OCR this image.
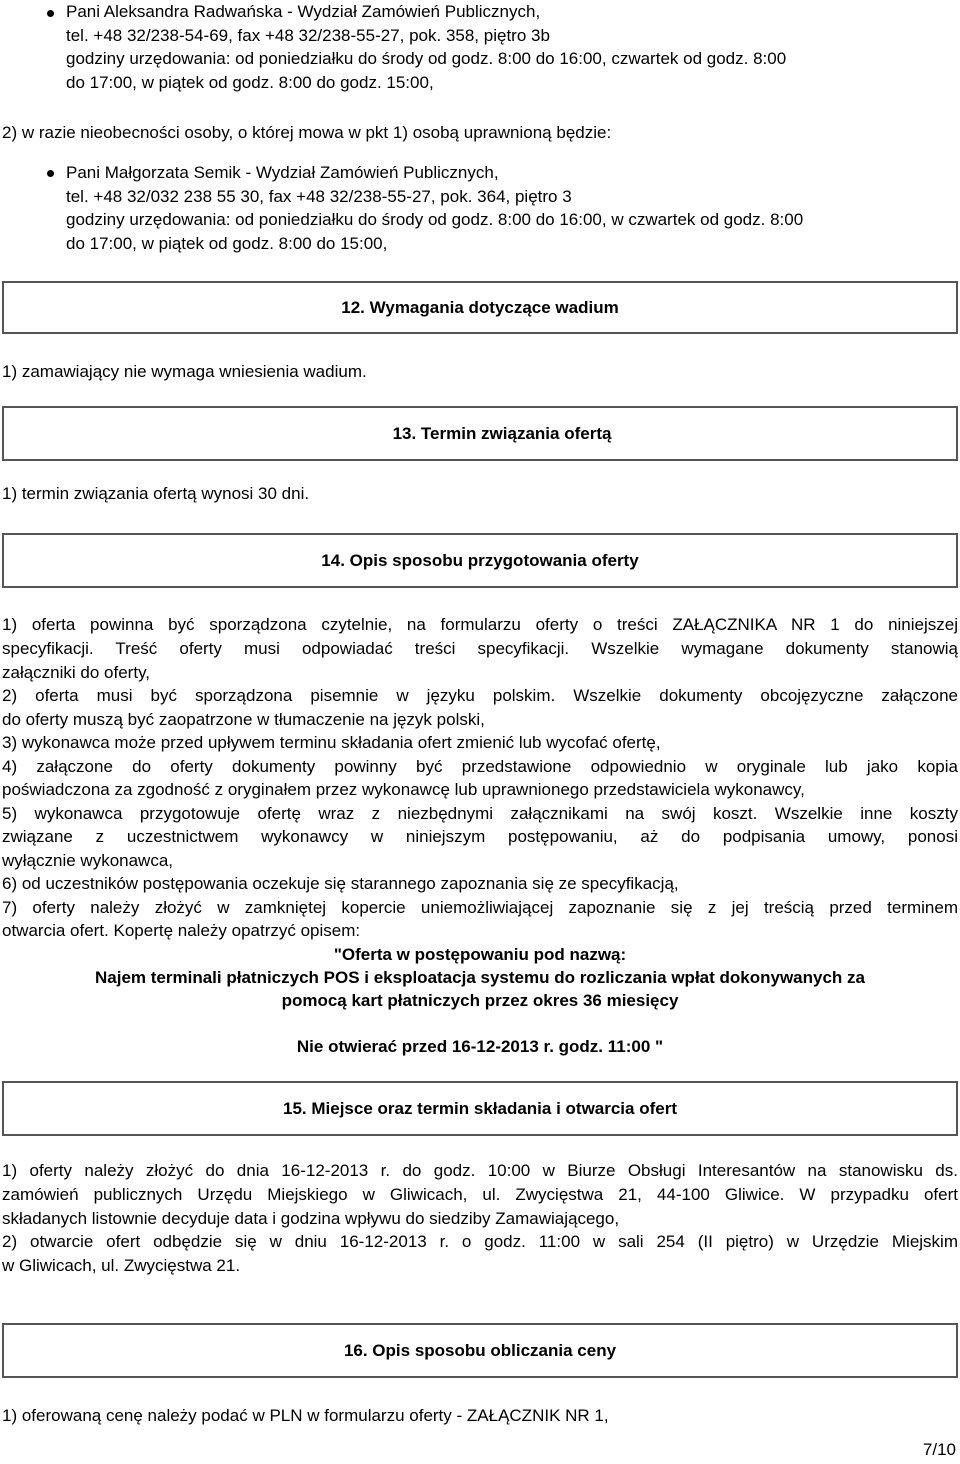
Pani Aleksandra Radwańska - Wydział Zamówień Publicznych,
tel. +48 32/238-54-69, fax +48 32/238-55-27, pok. 358, piętro 3b
godziny urzędowania: od poniedziałku do środy od godz. 8:00 do 16:00, czwartek od godz. 8:00
do 17:00, w piątek od godz. 8:00 do godz. 15:00,
2) w razie nieobecności osoby, o której mowa w pkt 1) osobą uprawnioną będzie:
Pani Małgorzata Semik - Wydział Zamówień Publicznych,
tel. +48 32/032 238 55 30, fax +48 32/238-55-27, pok. 364, piętro 3
godziny urzędowania: od poniedziałku do środy od godz. 8:00 do 16:00, w czwartek od godz. 8:00
do 17:00, w piątek od godz. 8:00 do 15:00,
12. Wymagania dotyczące wadium
1) zamawiający nie wymaga wniesienia wadium.
13. Termin związania ofertą
1) termin związania ofertą wynosi 30 dni.
14. Opis sposobu przygotowania oferty
1) oferta powinna być sporządzona czytelnie, na formularzu oferty o treści ZAŁĄCZNIKA NR 1 do niniejszej
specyfikacji. Treść oferty musi odpowiadać treści specyfikacji. Wszelkie wymagane dokumenty stanowią
załączniki do oferty,
2) oferta musi być sporządzona pisemnie w języku polskim. Wszelkie dokumenty obcojęzyczne załączone
do oferty muszą być zaopatrzone w tłumaczenie na język polski,
3) wykonawca może przed upływem terminu składania ofert zmienić lub wycofać ofertę,
4) załączone do oferty dokumenty powinny być przedstawione odpowiednio w oryginale lub jako kopia
poświadczona za zgodność z oryginałem przez wykonawcę lub uprawnionego przedstawiciela wykonawcy,
5) wykonawca przygotowuje ofertę wraz z niezbędnymi załącznikami na swój koszt. Wszelkie inne koszty
związane z uczestnictwem wykonawcy w niniejszym postępowaniu, aż do podpisania umowy, ponosi
wyłącznie wykonawca,
6) od uczestników postępowania oczekuje się starannego zapoznania się ze specyfikacją,
7) oferty należy złożyć w zamkniętej kopercie uniemożliwiającej zapoznanie się z jej treścią przed terminem
otwarcia ofert. Kopertę należy opatrzyć opisem:
"Oferta w postępowaniu pod nazwą:
Najem terminali płatniczych POS i eksploatacja systemu do rozliczania wpłat dokonywanych za
pomocą kart płatniczych przez okres 36 miesięcy
Nie otwierać przed 16-12-2013 r. godz. 11:00 "
15. Miejsce oraz termin składania i otwarcia ofert
1) oferty należy złożyć do dnia 16-12-2013 r. do godz. 10:00 w Biurze Obsługi Interesantów na stanowisku ds.
zamówień publicznych Urzędu Miejskiego w Gliwicach, ul. Zwycięstwa 21, 44-100 Gliwice. W przypadku ofert
składanych listownie decyduje data i godzina wpływu do siedziby Zamawiającego,
2) otwarcie ofert odbędzie się w dniu 16-12-2013 r. o godz. 11:00 w sali 254 (II piętro) w Urzędzie Miejskim
w Gliwicach, ul. Zwycięstwa 21.
16. Opis sposobu obliczania ceny
1) oferowaną cenę należy podać w PLN w formularzu oferty - ZAŁĄCZNIK NR 1,
7/10
